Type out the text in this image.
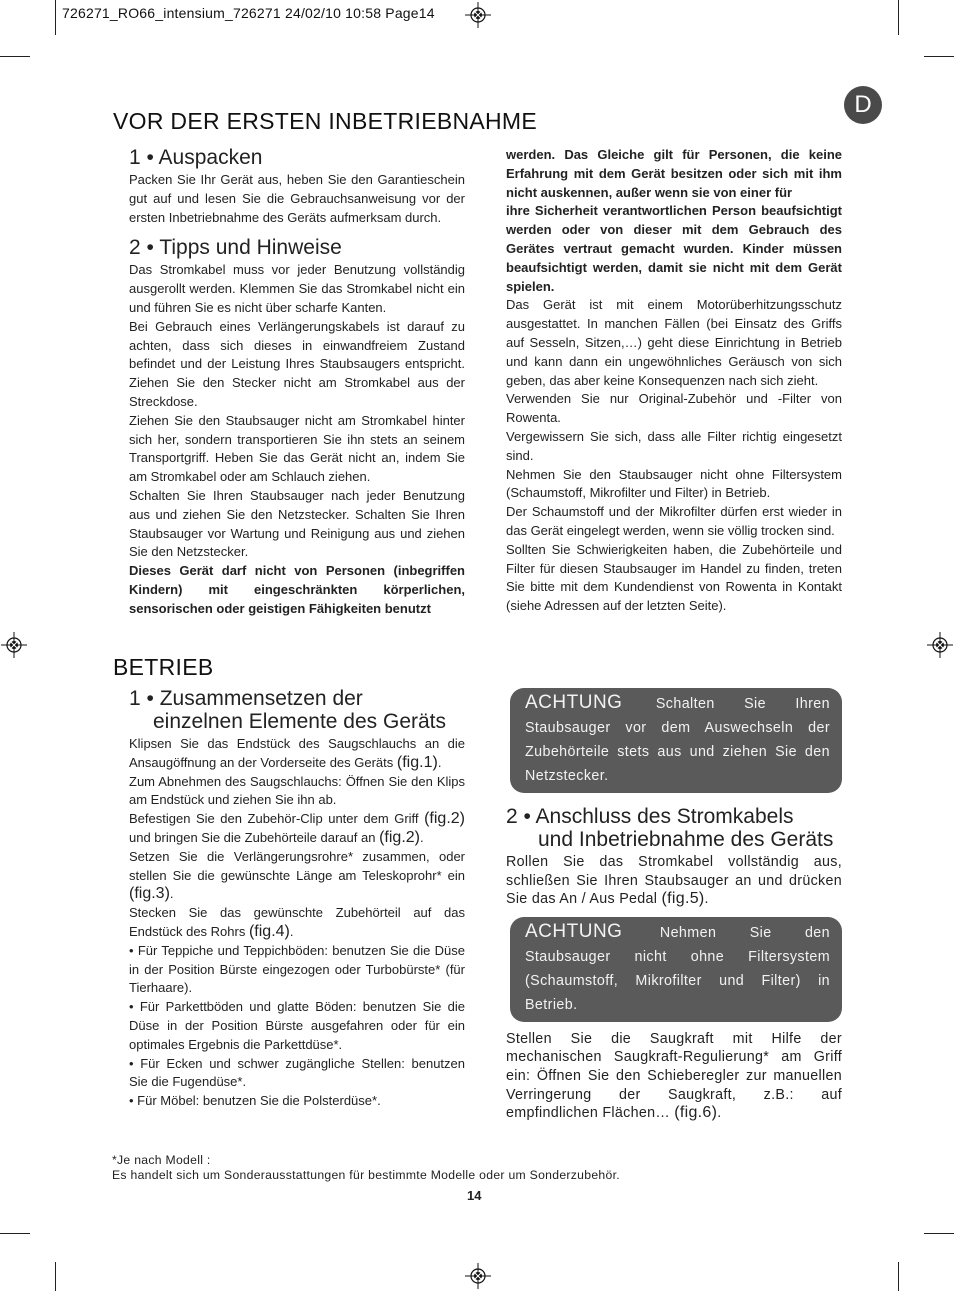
726271_RO66_intensium_726271 24/02/10 10:58 Page14
D
VOR DER ERSTEN INBETRIEBNAHME
1 • Auspacken

Packen Sie Ihr Gerät aus, heben Sie den Garantieschein gut auf und lesen Sie die Gebrauchsanweisung vor der ersten Inbetriebnahme des Geräts aufmerksam durch.

2 • Tipps und Hinweise

Das Stromkabel muss vor jeder Benutzung vollständig ausgerollt werden. Klemmen Sie das Stromkabel nicht ein und führen Sie es nicht über scharfe Kanten.

Bei Gebrauch eines Verlängerungskabels ist darauf zu achten, dass sich dieses in einwandfreiem Zustand befindet und der Leistung Ihres Staubsaugers entspricht. Ziehen Sie den Stecker nicht am Stromkabel aus der Streckdose.

Ziehen Sie den Staubsauger nicht am Stromkabel hinter sich her, sondern transportieren Sie ihn stets an seinem Transportgriff. Heben Sie das Gerät nicht an, indem Sie am Stromkabel oder am Schlauch ziehen.

Schalten Sie Ihren Staubsauger nach jeder Benutzung aus und ziehen Sie den Netzstecker. Schalten Sie Ihren Staubsauger vor Wartung und Reinigung aus und ziehen Sie den Netzstecker.

Dieses Gerät darf nicht von Personen (inbegriffen Kindern) mit eingeschränkten körperlichen, sensorischen oder geistigen Fähigkeiten benutzt

werden. Das Gleiche gilt für Personen, die keine Erfahrung mit dem Gerät besitzen oder sich mit ihm nicht auskennen, außer wenn sie von einer für

ihre Sicherheit verantwortlichen Person beaufsichtigt werden oder von dieser mit dem Gebrauch des Gerätes vertraut gemacht wurden. Kinder müssen beaufsichtigt werden, damit sie nicht mit dem Gerät spielen.

Das Gerät ist mit einem Motorüberhitzungsschutz ausgestattet. In manchen Fällen (bei Einsatz des Griffs auf Sesseln, Sitzen,…) geht diese Einrichtung in Betrieb und kann dann ein ungewöhnliches Geräusch von sich geben, das aber keine Konsequenzen nach sich zieht.

Verwenden Sie nur Original-Zubehör und -Filter von Rowenta.

Vergewissern Sie sich, dass alle Filter richtig eingesetzt sind.

Nehmen Sie den Staubsauger nicht ohne Filtersystem (Schaumstoff, Mikrofilter und Filter) in Betrieb.

Der Schaumstoff und der Mikrofilter dürfen erst wieder in das Gerät eingelegt werden, wenn sie völlig trocken sind.

Sollten Sie Schwierigkeiten haben, die Zubehörteile und Filter für diesen Staubsauger im Handel zu finden, treten Sie bitte mit dem Kundendienst von Rowenta in Kontakt (siehe Adressen auf der letzten Seite).

BETRIEB
1 • Zusammensetzen der
einzelnen Elemente des Geräts

Klipsen Sie das Endstück des Saugschlauchs an die Ansaugöffnung an der Vorderseite des Geräts (fig.1).

Zum Abnehmen des Saugschlauchs: Öffnen Sie den Klips am Endstück und ziehen Sie ihn ab.

Befestigen Sie den Zubehör-Clip unter dem Griff (fig.2) und bringen Sie die Zubehörteile darauf an (fig.2).

Setzen Sie die Verlängerungsrohre* zusammen, oder stellen Sie die gewünschte Länge am Teleskoprohr* ein (fig.3).

Stecken Sie das gewünschte Zubehörteil auf das Endstück des Rohrs (fig.4).

• Für Teppiche und Teppichböden: benutzen Sie die Düse in der Position Bürste eingezogen oder Turbobürste* (für Tierhaare).

• Für Parkettböden und glatte Böden: benutzen Sie die Düse in der Position Bürste ausgefahren oder für ein optimales Ergebnis die Parkettdüse*.

• Für Ecken und schwer zugängliche Stellen: benutzen Sie die Fugendüse*.

• Für Möbel: benutzen Sie die Polsterdüse*.

ACHTUNG Schalten Sie Ihren Staubsauger vor dem Auswechseln der Zubehörteile stets aus und ziehen Sie den Netzstecker.

2 • Anschluss des Stromkabels
und Inbetriebnahme des Geräts

Rollen Sie das Stromkabel vollständig aus, schließen Sie Ihren Staubsauger an und drücken Sie das An / Aus Pedal (fig.5).

ACHTUNG	Nehmen Sie den Staubsauger nicht ohne Filtersystem (Schaumstoff, Mikrofilter und Filter) in Betrieb.

Stellen Sie die Saugkraft mit Hilfe der mechanischen Saugkraft-Regulierung* am Griff ein: Öffnen Sie den Schieberegler zur manuellen Verringerung der Saugkraft, z.B.: auf empfindlichen Flächen… (fig.6).

*Je nach Modell :
Es handelt sich um Sonderausstattungen für bestimmte Modelle oder um Sonderzubehör.
14
